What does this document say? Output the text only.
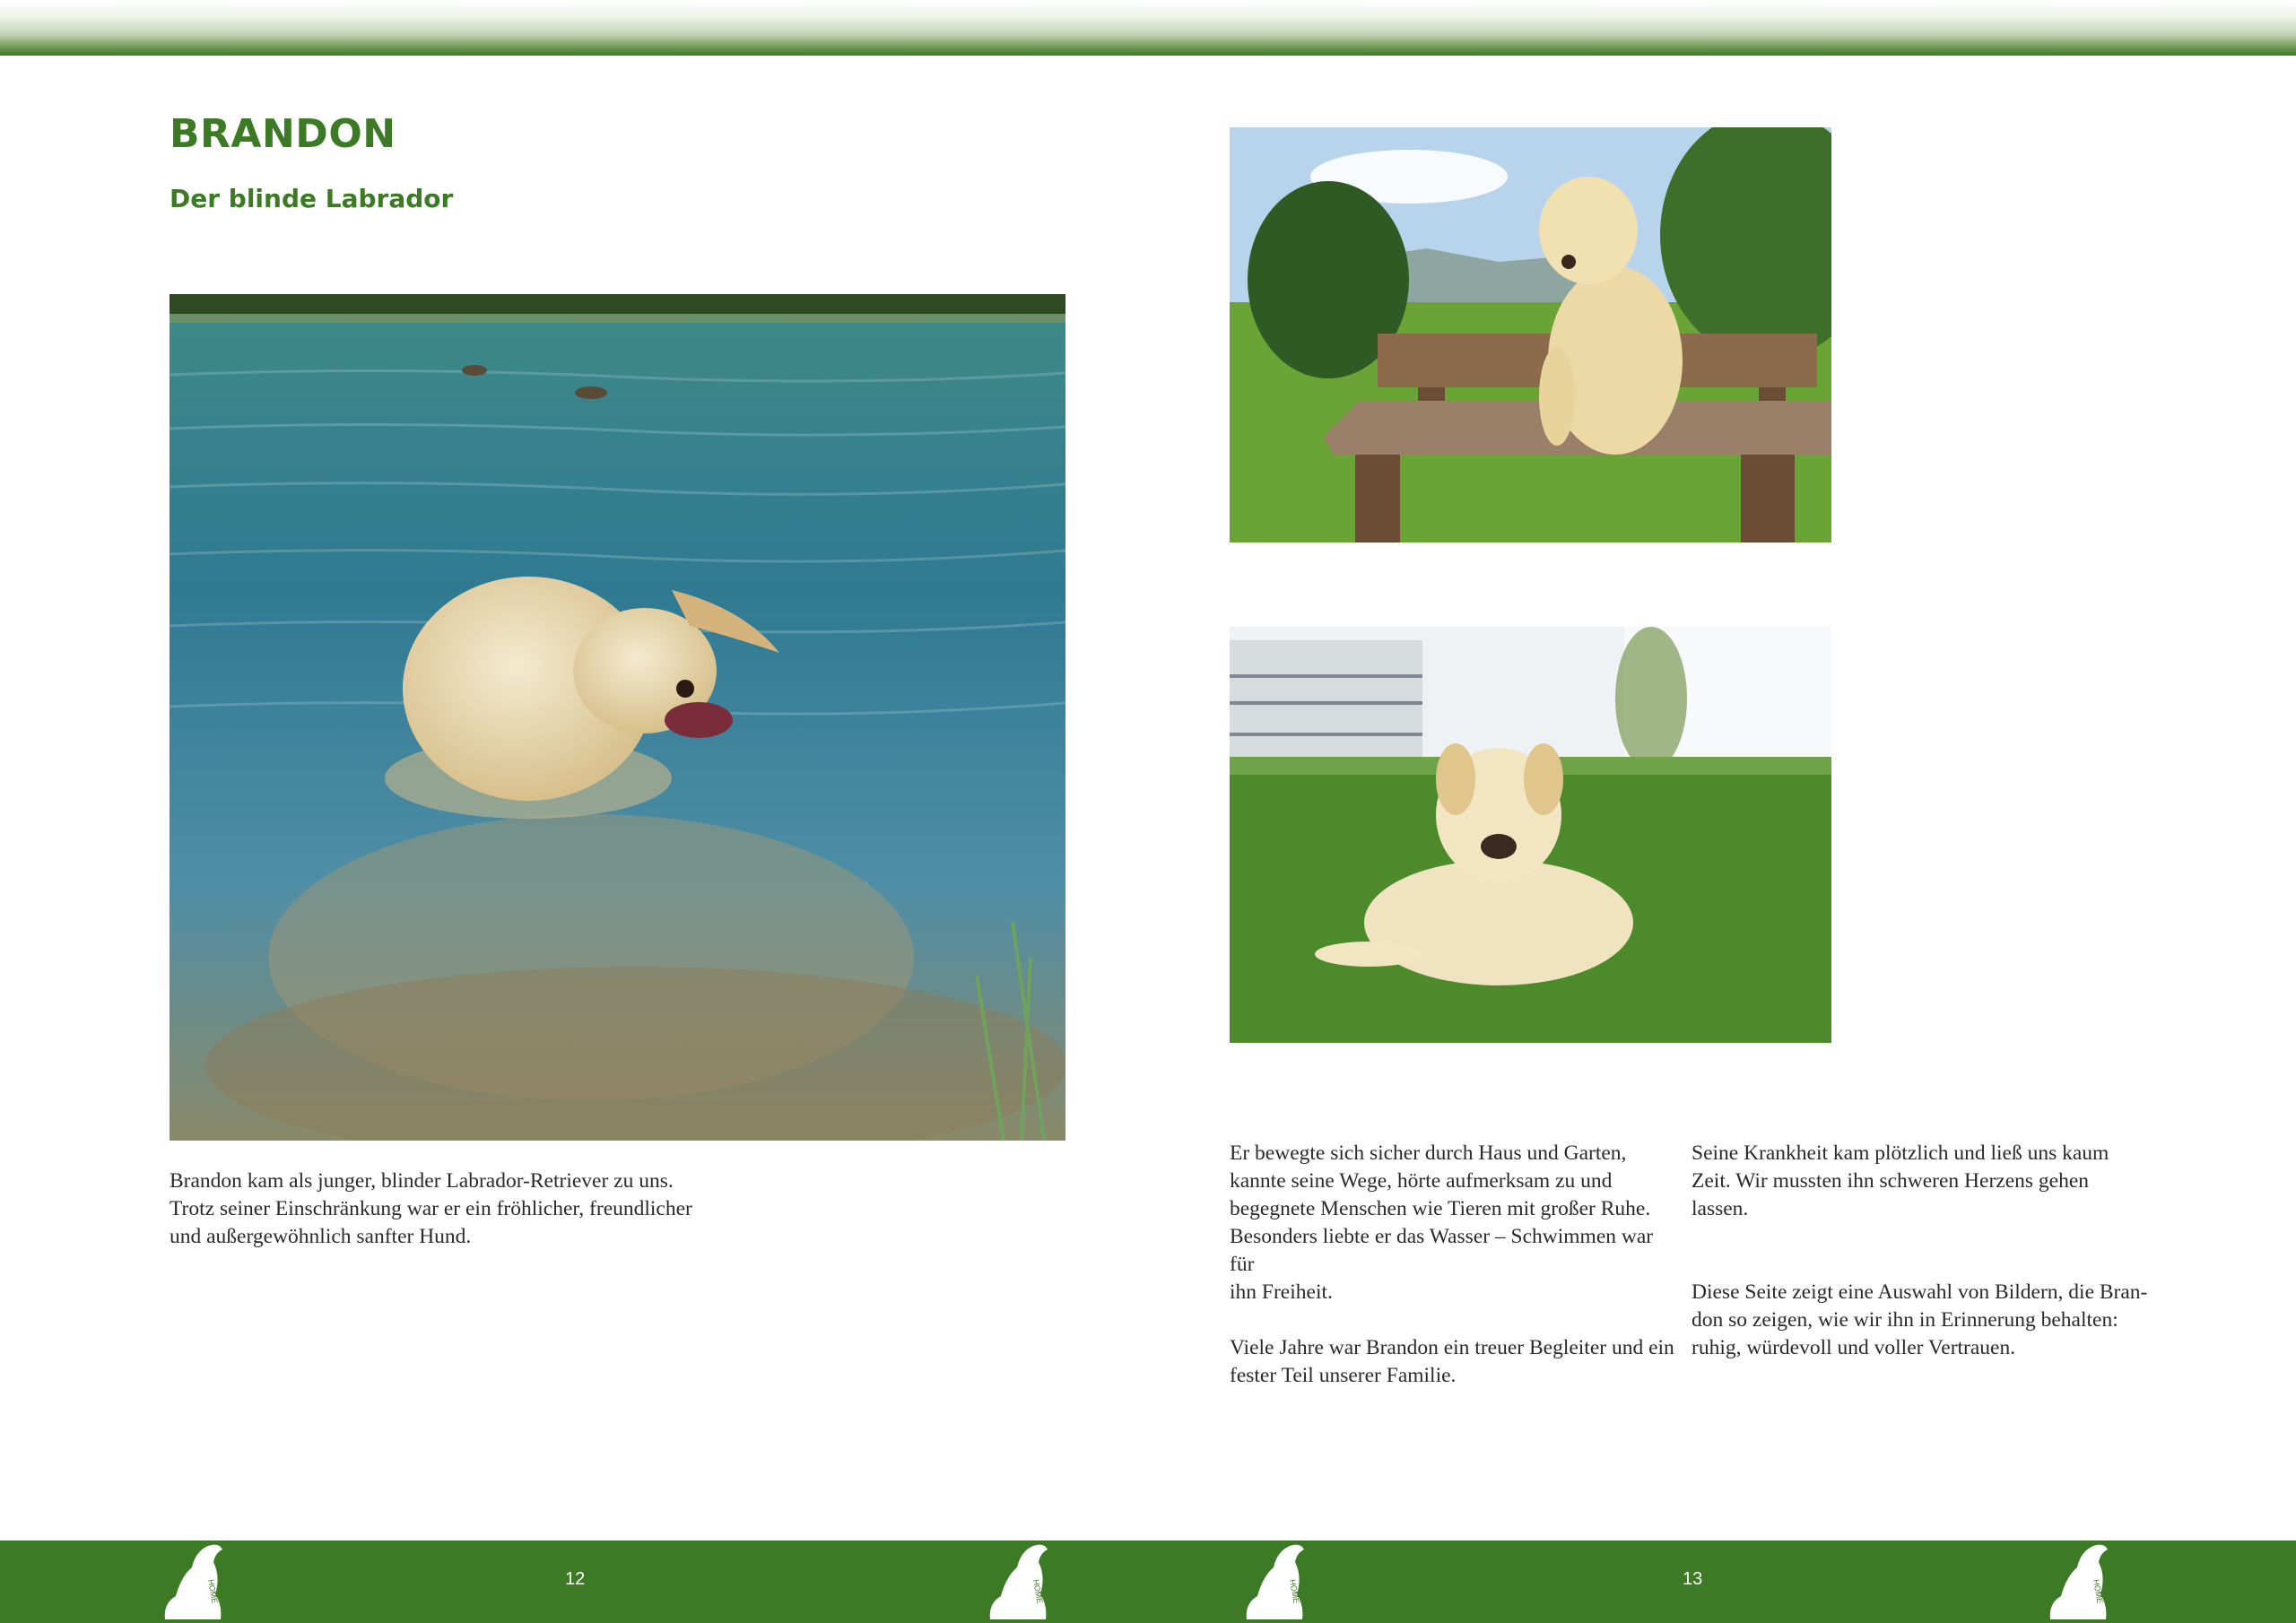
BRANDON
Der blinde Labrador

Brandon kam als junger, blinder Labrador-Retriever zu uns.
Trotz seiner Einschränkung war er ein fröhlicher, freundlicher
und außergewöhnlich sanfter Hund.

Er bewegte sich sicher durch Haus und Garten,
kannte seine Wege, hörte aufmerksam zu und
begegnete Menschen wie Tieren mit großer Ruhe.
Besonders liebte er das Wasser – Schwimmen war für
ihn Freiheit.

Viele Jahre war Brandon ein treuer Begleiter und ein
fester Teil unserer Familie.

Seine Krankheit kam plötzlich und ließ uns kaum
Zeit. Wir mussten ihn schweren Herzens gehen
lassen.

Diese Seite zeigt eine Auswahl von Bildern, die Bran-
don so zeigen, wie wir ihn in Erinnerung behalten:
ruhig, würdevoll und voller Vertrauen.

KIRAS
HOME	12
KIRAS
HOME
KIRAS
HOME	13
KIRAS
HOME
